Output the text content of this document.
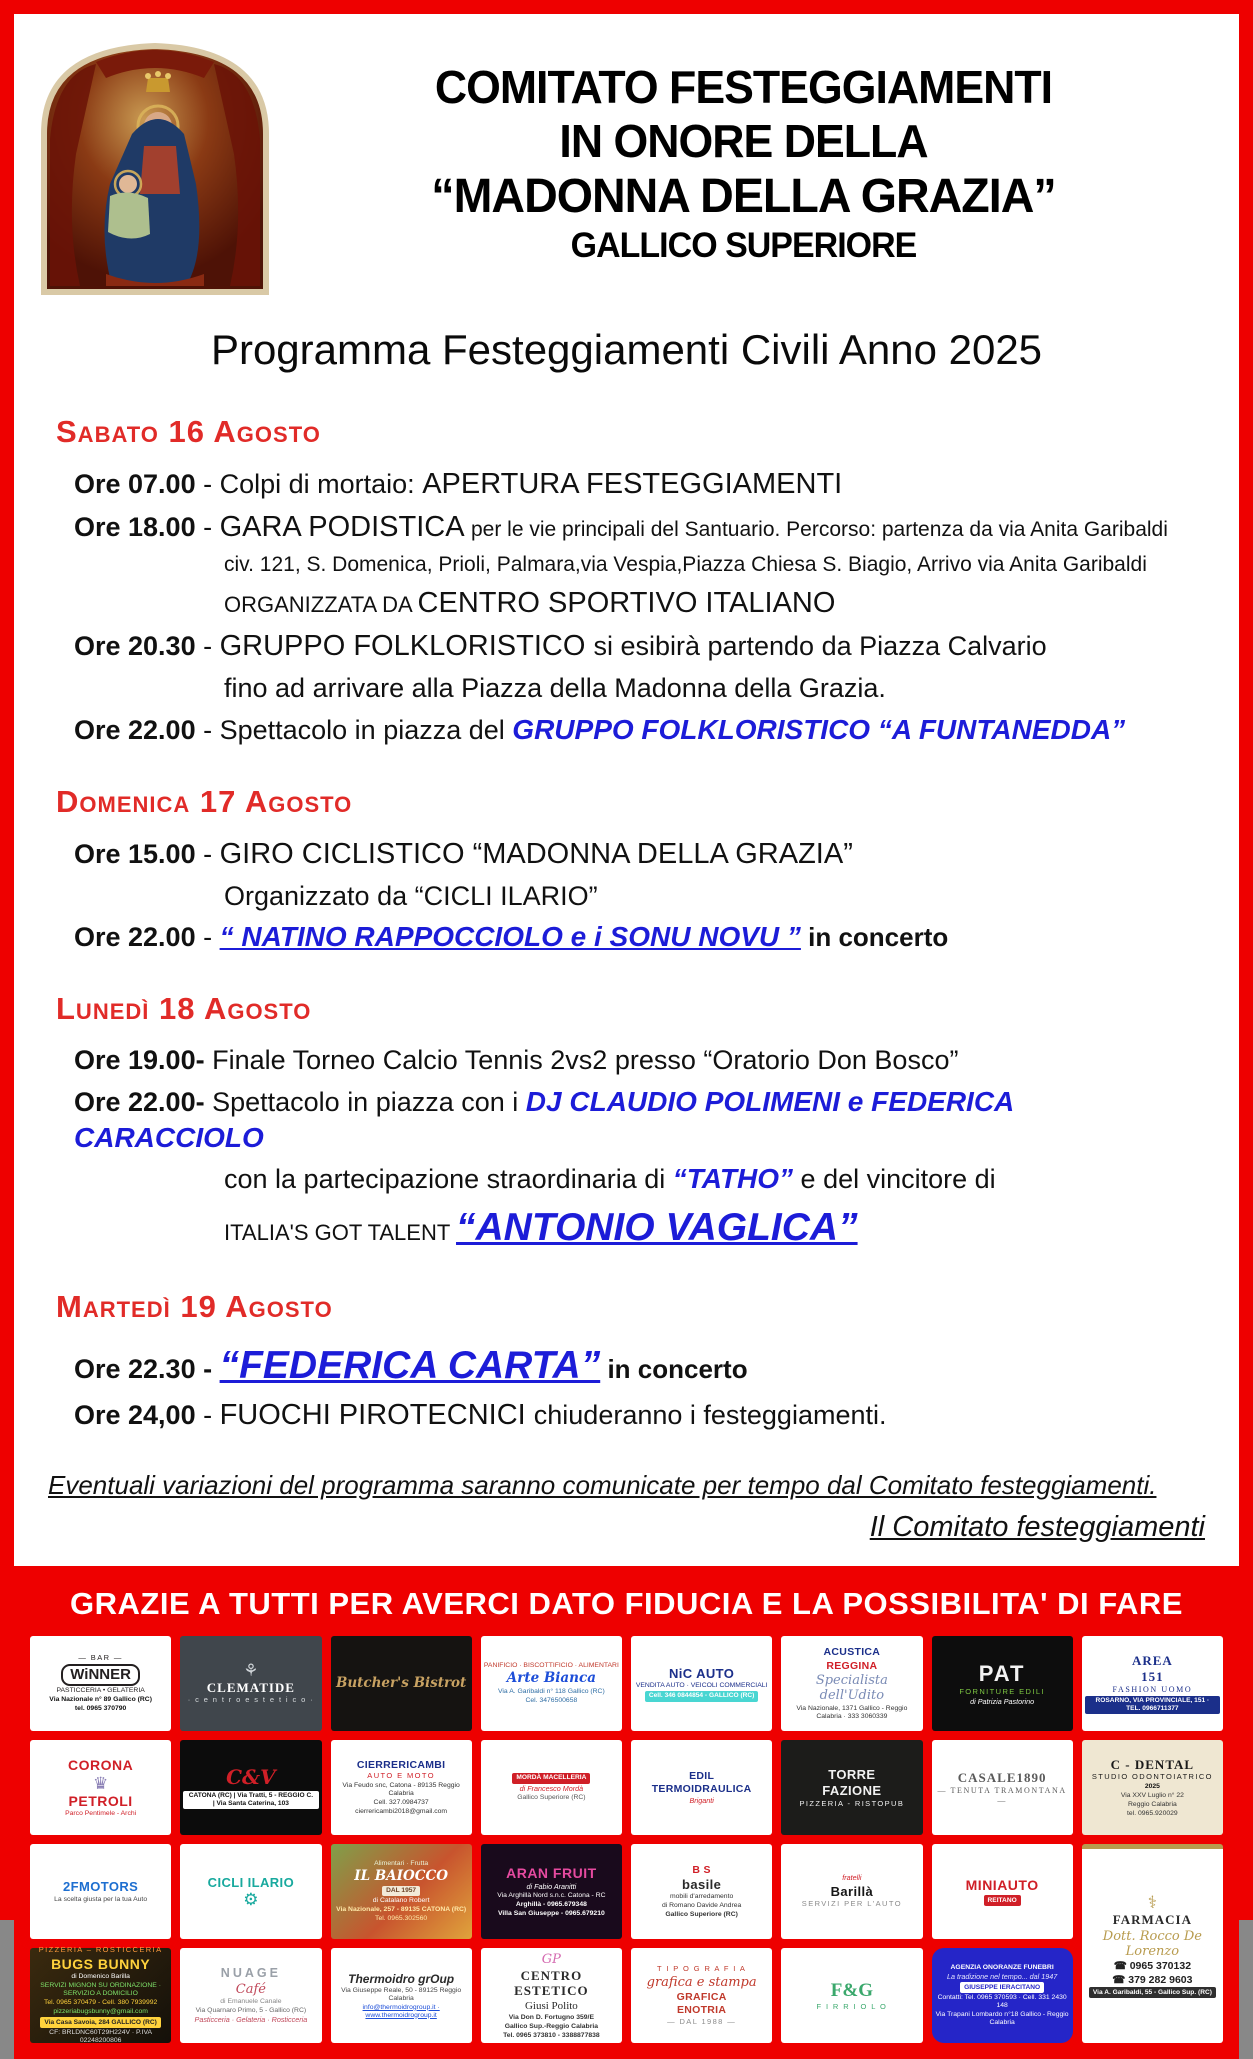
COMITATO FESTEGGIAMENTI
IN ONORE DELLA
“MADONNA DELLA GRAZIA”
GALLICO SUPERIORE
Programma Festeggiamenti Civili Anno 2025
Sabato 16 Agosto
Ore 07.00 - Colpi di mortaio: APERTURA FESTEGGIAMENTI
Ore 18.00 - GARA PODISTICA per le vie principali del Santuario. Percorso: partenza da via Anita Garibaldi
civ. 121, S. Domenica, Prioli, Palmara,via Vespia,Piazza Chiesa S. Biagio, Arrivo via Anita Garibaldi
ORGANIZZATA DA CENTRO SPORTIVO ITALIANO
Ore 20.30 - GRUPPO FOLKLORISTICO si esibirà partendo da Piazza Calvario
fino ad arrivare alla Piazza della Madonna della Grazia.
Ore 22.00 - Spettacolo in piazza del GRUPPO FOLKLORISTICO “A FUNTANEDDA”
Domenica 17 Agosto
Ore 15.00 - GIRO CICLISTICO “MADONNA DELLA GRAZIA”
Organizzato da “CICLI ILARIO”
Ore 22.00 - “ NATINO RAPPOCCIOLO e i SONU NOVU ” in concerto
Lunedì 18 Agosto
Ore 19.00- Finale Torneo Calcio Tennis 2vs2 presso “Oratorio Don Bosco”
Ore 22.00- Spettacolo in piazza con i DJ CLAUDIO POLIMENI e FEDERICA CARACCIOLO
con la partecipazione straordinaria di “TATHO” e del vincitore di
ITALIA'S GOT TALENT “ANTONIO VAGLICA”
Martedì 19 Agosto
Ore 22.30 - “FEDERICA CARTA” in concerto
Ore 24,00 - FUOCHI PIROTECNICI chiuderanno i festeggiamenti.
Eventuali variazioni del programma saranno comunicate per tempo dal Comitato festeggiamenti.
Il Comitato festeggiamenti
GRAZIE A TUTTI PER AVERCI DATO FIDUCIA E LA POSSIBILITA' DI FARE
— BAR —
WiNNER
PASTICCERIA • GELATERIA
Via Nazionale n° 89 Gallico (RC)
tel. 0965 370790
⚘
CLEMATIDE
· c e n t r o e s t e t i c o ·
Butcher's Bistrot
PANIFICIO · BISCOTTIFICIO · ALIMENTARI
Arte Bianca
Via A. Garibaldi n° 118 Gallico (RC)
Cel. 3476500658
NiC AUTO
VENDITA AUTO · VEICOLI COMMERCIALI
Cell. 346 0844854 - GALLICO (RC)
ACUSTICA
REGGINA
Specialista dell'Udito
Via Nazionale, 1371 Gallico - Reggio Calabria · 333 3060339
PAT
FORNITURE EDILI
di Patrizia Pastorino
AREA
151
FASHION UOMO
ROSARNO, VIA PROVINCIALE, 151 · TEL. 0966711377
CORONA
♛
PETROLI
Parco Pentimele - Archi
C&V
CATONA (RC) | Via Tratti, 5 - REGGIO C. | Via Santa Caterina, 103
CIERRERICAMBI
AUTO E MOTO
Via Feudo snc, Catona - 89135 Reggio Calabria
Cell. 327.0984737
cierrericambi2018@gmail.com
MORDÀ MACELLERIA
di Francesco Mordà
Gallico Superiore (RC)
EDIL
TERMOIDRAULICA
Briganti
TORRE
FAZIONE
PIZZERIA - RISTOPUB
CASALE1890
— TENUTA TRAMONTANA —
C - DENTAL
STUDIO ODONTOIATRICO
2025
Via XXV Luglio n° 22
Reggio Calabria
tel. 0965.920029
2FMOTORS
La scelta giusta per la tua Auto
CICLI ILARIO
⚙
Alimentari · Frutta
IL BAIOCCO
DAL 1957
di Catalano Robert
Via Nazionale, 257 - 89135 CATONA (RC)
Tel. 0965.302560
ARAN FRUIT
di Fabio Aranitti
Via Arghillà Nord s.n.c. Catona - RC
Arghillà - 0965.679348
Villa San Giuseppe - 0965.679210
B S
basile
mobili d'arredamento
di Romano Davide Andrea
Gallico Superiore (RC)
fratelli
Barillà
SERVIZI PER L'AUTO
MINIAUTO
REITANO	⚕
FARMACIA
Dott. Rocco De Lorenzo
☎ 0965 370132
☎ 379 282 9603
Via A. Garibaldi, 55 - Gallico Sup. (RC)
PIZZERIA – ROSTICCERIA
BUGS BUNNY
di Domenico Barilla
SERVIZI MIGNON SU ORDINAZIONE · SERVIZIO A DOMICILIO
Tel. 0965 370479 - Cell. 380 7939992
pizzeriabugsbunny@gmail.com
Via Casa Savoia, 284 GALLICO (RC)
CF: BRLDNC60T29H224V · P.IVA 02248200806
NUAGE
Café
di Emanuele Canale
Via Quarnaro Primo, 5 - Gallico (RC)
Pasticceria · Gelateria · Rosticceria
Thermoidro grOup
Via Giuseppe Reale, 50 - 89125 Reggio Calabria
info@thermoidrogroup.it · www.thermoidrogroup.it
GP
CENTRO ESTETICO
Giusi Polito
Via Don D. Fortugno 359/E
Gallico Sup.-Reggio Calabria
Tel. 0965 373810 - 3388877838
T I P O G R A F I A
grafica e stampa
GRAFICA
ENOTRIA
— DAL 1988 —
F&G
F I R R I O L O
AGENZIA ONORANZE FUNEBRI
La tradizione nel tempo... dal 1947
GIUSEPPE IERACITANO
Contatti: Tel. 0965 370593 · Cell. 331 2430 148
Via Trapani Lombardo n°18 Gallico - Reggio Calabria
